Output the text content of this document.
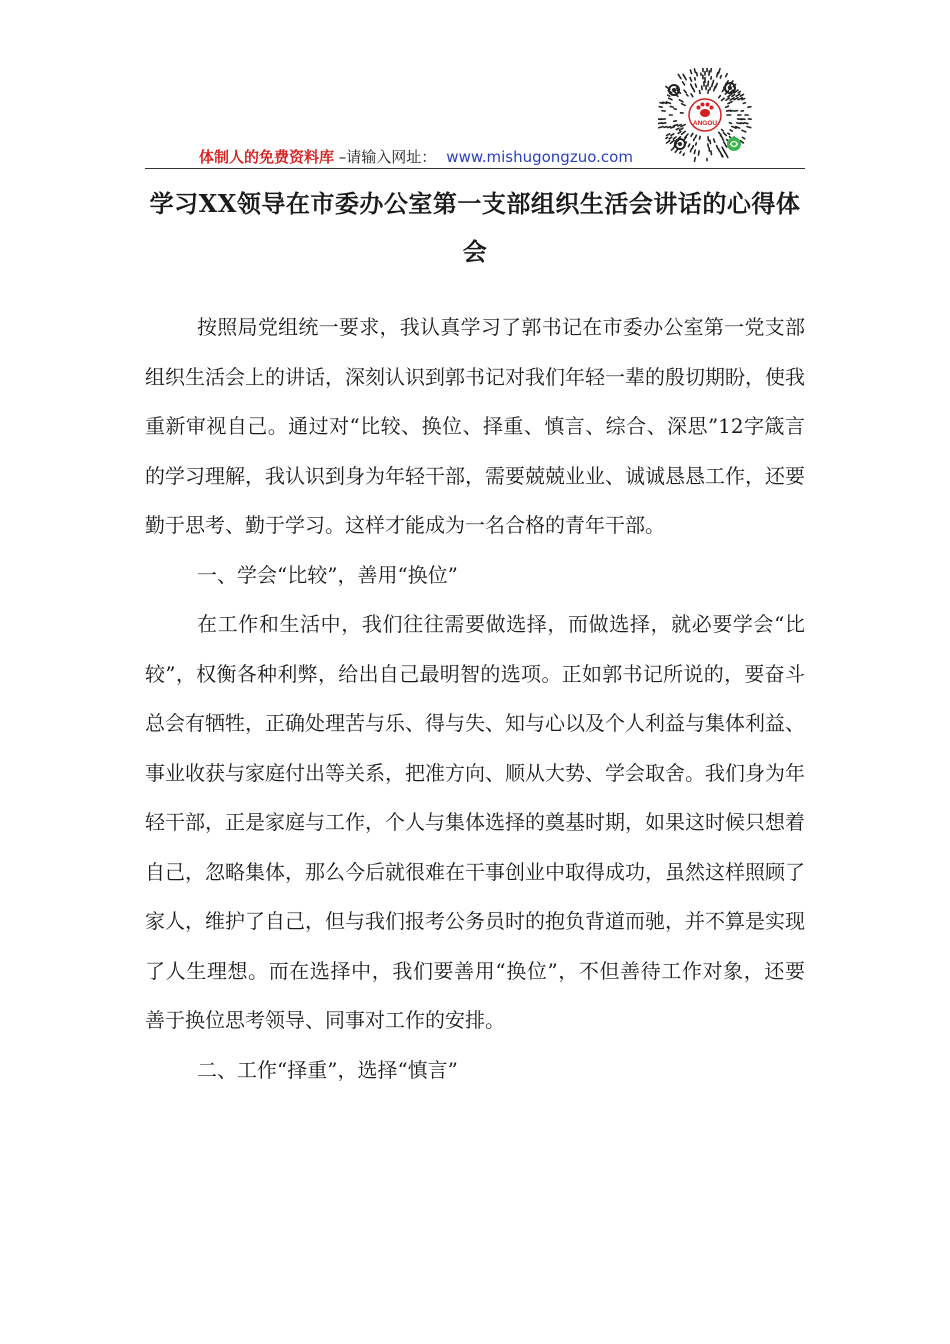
ANGOU
体制人的免费资料库 –请输入网址： www.mishugongzuo.com
学习XX领导在市委办公室第一支部组织生活会讲话的心得体会

按照局党组统一要求，我认真学习了郭书记在市委办公室第一党支部组织生活会上的讲话，深刻认识到郭书记对我们年轻一辈的殷切期盼，使我重新审视自己。通过对“比较、换位、择重、慎言、综合、深思”12字箴言的学习理解，我认识到身为年轻干部，需要兢兢业业、诚诚恳恳工作，还要勤于思考、勤于学习。这样才能成为一名合格的青年干部。

一、学会“比较”，善用“换位”

在工作和生活中，我们往往需要做选择，而做选择，就必要学会“比较”，权衡各种利弊，给出自己最明智的选项。正如郭书记所说的，要奋斗总会有牺牲，正确处理苦与乐、得与失、知与心以及个人利益与集体利益、事业收获与家庭付出等关系，把准方向、顺从大势、学会取舍。我们身为年轻干部，正是家庭与工作，个人与集体选择的奠基时期，如果这时候只想着自己，忽略集体，那么今后就很难在干事创业中取得成功，虽然这样照顾了家人，维护了自己，但与我们报考公务员时的抱负背道而驰，并不算是实现了人生理想。而在选择中，我们要善用“换位”，不但善待工作对象，还要善于换位思考领导、同事对工作的安排。

二、工作“择重”，选择“慎言”
